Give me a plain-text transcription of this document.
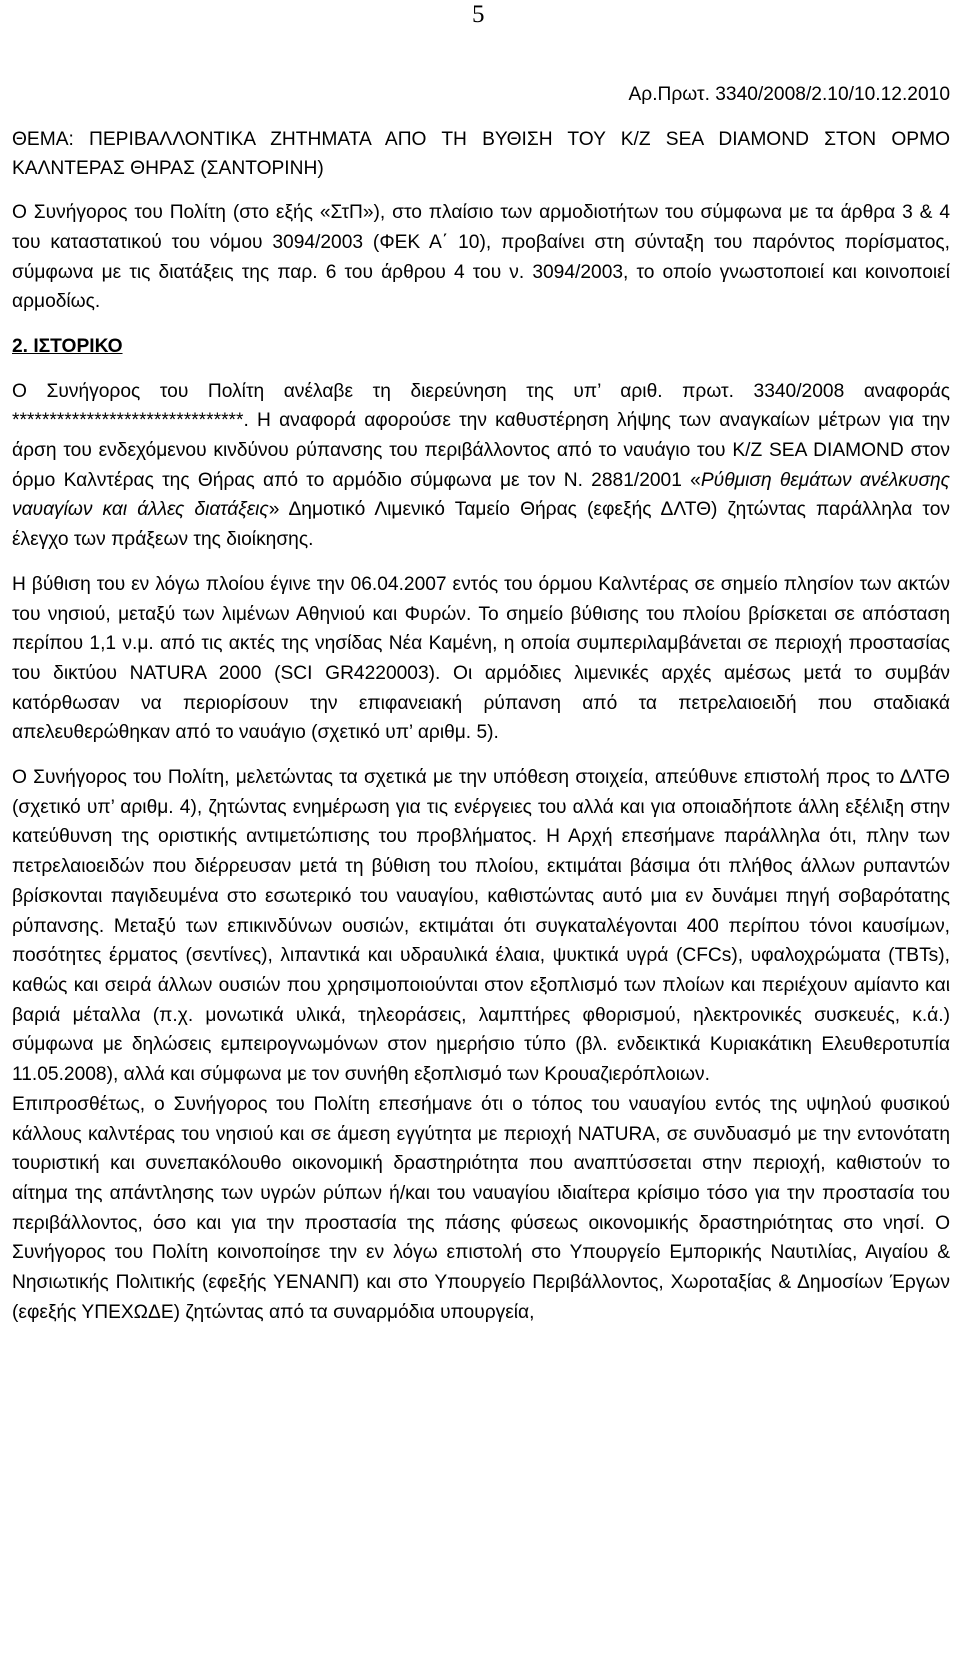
5

Αρ.Πρωτ. 3340/2008/2.10/10.12.2010

ΘΕΜΑ: ΠΕΡΙΒΑΛΛΟΝΤΙΚΑ ΖΗΤΗΜΑΤΑ ΑΠΟ ΤΗ ΒΥΘΙΣΗ ΤΟΥ Κ/Ζ SEA DIAMOND ΣΤΟΝ ΟΡΜΟ ΚΑΛΝΤΕΡΑΣ ΘΗΡΑΣ (ΣΑΝΤΟΡΙΝΗ)

Ο Συνήγορος του Πολίτη (στο εξής «ΣτΠ»), στο πλαίσιο των αρμοδιοτήτων του σύμφωνα με τα άρθρα 3 & 4 του καταστατικού του νόμου 3094/2003 (ΦΕΚ Α΄ 10), προβαίνει στη σύνταξη του παρόντος πορίσματος, σύμφωνα με τις διατάξεις της παρ. 6 του άρθρου 4 του ν. 3094/2003, το οποίο γνωστοποιεί και κοινοποιεί αρμοδίως.

2. ΙΣΤΟΡΙΚΟ

Ο Συνήγορος του Πολίτη ανέλαβε τη διερεύνηση της υπ’ αριθ. πρωτ. 3340/2008 αναφοράς *******************************. Η αναφορά αφορούσε την καθυστέρηση λήψης των αναγκαίων μέτρων για την άρση του ενδεχόμενου κινδύνου ρύπανσης του περιβάλλοντος από το ναυάγιο του Κ/Ζ SEA DIAMOND στον όρμο Καλντέρας της Θήρας από το αρμόδιο σύμφωνα με τον Ν. 2881/2001 «Ρύθμιση θεμάτων ανέλκυσης ναυαγίων και άλλες διατάξεις» Δημοτικό Λιμενικό Ταμείο Θήρας (εφεξής ΔΛΤΘ) ζητώντας παράλληλα τον έλεγχο των πράξεων της διοίκησης.

Η βύθιση του εν λόγω πλοίου έγινε την 06.04.2007 εντός του όρμου Καλντέρας σε σημείο πλησίον των ακτών του νησιού, μεταξύ των λιμένων Αθηνιού και Φυρών. Το σημείο βύθισης του πλοίου βρίσκεται σε απόσταση περίπου 1,1 ν.μ. από τις ακτές της νησίδας Νέα Καμένη, η οποία συμπεριλαμβάνεται σε περιοχή προστασίας του δικτύου NATURA 2000 (SCI GR4220003). Οι αρμόδιες λιμενικές αρχές αμέσως μετά το συμβάν κατόρθωσαν να περιορίσουν την επιφανειακή ρύπανση από τα πετρελαιοειδή που σταδιακά απελευθερώθηκαν από το ναυάγιο (σχετικό υπ’ αριθμ. 5).

Ο Συνήγορος του Πολίτη, μελετώντας τα σχετικά με την υπόθεση στοιχεία, απεύθυνε επιστολή προς το ΔΛΤΘ (σχετικό υπ’ αριθμ. 4), ζητώντας ενημέρωση για τις ενέργειες του αλλά και για οποιαδήποτε άλλη εξέλιξη στην κατεύθυνση της οριστικής αντιμετώπισης του προβλήματος. Η Αρχή επεσήμανε παράλληλα ότι, πλην των πετρελαιοειδών που διέρρευσαν μετά τη βύθιση του πλοίου, εκτιμάται βάσιμα ότι πλήθος άλλων ρυπαντών βρίσκονται παγιδευμένα στο εσωτερικό του ναυαγίου, καθιστώντας αυτό μια εν δυνάμει πηγή σοβαρότατης ρύπανσης. Μεταξύ των επικινδύνων ουσιών, εκτιμάται ότι συγκαταλέγονται 400 περίπου τόνοι καυσίμων, ποσότητες έρματος (σεντίνες), λιπαντικά και υδραυλικά έλαια, ψυκτικά υγρά (CFCs), υφαλοχρώματα (TBTs), καθώς και σειρά άλλων ουσιών που χρησιμοποιούνται στον εξοπλισμό των πλοίων και περιέχουν αμίαντο και βαριά μέταλλα (π.χ. μονωτικά υλικά, τηλεοράσεις, λαμπτήρες φθορισμού, ηλεκτρονικές συσκευές, κ.ά.) σύμφωνα με δηλώσεις εμπειρογνωμόνων στον ημερήσιο τύπο (βλ. ενδεικτικά Κυριακάτικη Ελευθεροτυπία 11.05.2008), αλλά και σύμφωνα με τον συνήθη εξοπλισμό των Κρουαζιερόπλοιων.

Επιπροσθέτως, ο Συνήγορος του Πολίτη επεσήμανε ότι ο τόπος του ναυαγίου εντός της υψηλού φυσικού κάλλους καλντέρας του νησιού και σε άμεση εγγύτητα με περιοχή NATURA, σε συνδυασμό με την εντονότατη τουριστική και συνεπακόλουθο οικονομική δραστηριότητα που αναπτύσσεται στην περιοχή, καθιστούν το αίτημα της απάντλησης των υγρών ρύπων ή/και του ναυαγίου ιδιαίτερα κρίσιμο τόσο για την προστασία του περιβάλλοντος, όσο και για την προστασία της πάσης φύσεως οικονομικής δραστηριότητας στο νησί. Ο Συνήγορος του Πολίτη κοινοποίησε την εν λόγω επιστολή στο Υπουργείο Εμπορικής Ναυτιλίας, Αιγαίου & Νησιωτικής Πολιτικής (εφεξής ΥΕΝΑΝΠ) και στο Υπουργείο Περιβάλλοντος, Χωροταξίας & Δημοσίων Έργων (εφεξής ΥΠΕΧΩΔΕ) ζητώντας από τα συναρμόδια υπουργεία,
